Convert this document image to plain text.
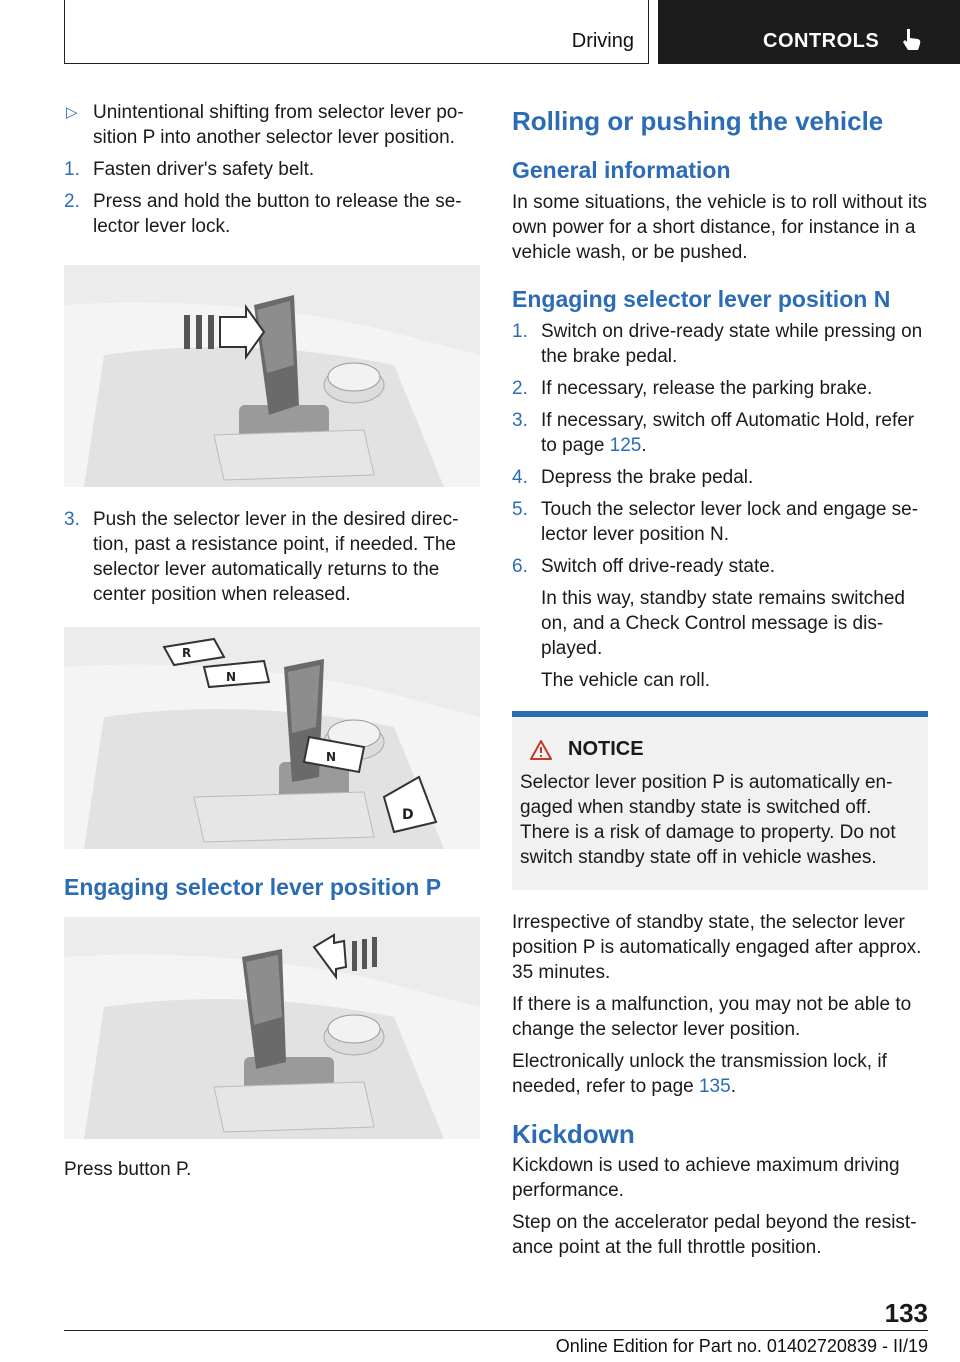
Driving	CONTROLS
▷ Unintentional shifting from selector lever po-sition P into another selector lever position.
1. Fasten driver's safety belt.
2. Press and hold the button to release the se-lector lever lock.
3. Push the selector lever in the desired direc-tion, past a resistance point, if needed. The selector lever automatically returns to the center position when released.
R
N
N
D
Engaging selector lever position P

Press button P.

Rolling or pushing the vehicle
General information

In some situations, the vehicle is to roll without its own power for a short distance, for instance in a vehicle wash, or be pushed.

Engaging selector lever position N
1. Switch on drive-ready state while pressing on the brake pedal.
2. If necessary, release the parking brake.
3. If necessary, switch off Automatic Hold, refer to page 125.
4. Depress the brake pedal.
5. Touch the selector lever lock and engage se-lector lever position N.
6. Switch off drive-ready state.

In this way, standby state remains switched on, and a Check Control message is dis-played.

The vehicle can roll.

NOTICE

Selector lever position P is automatically en-gaged when standby state is switched off. There is a risk of damage to property. Do not switch standby state off in vehicle washes.

Irrespective of standby state, the selector lever position P is automatically engaged after approx. 35 minutes.

If there is a malfunction, you may not be able to change the selector lever position.

Electronically unlock the transmission lock, if needed, refer to page 135.

Kickdown

Kickdown is used to achieve maximum driving performance.

Step on the accelerator pedal beyond the resist-ance point at the full throttle position.

133
Online Edition for Part no. 01402720839 - II/19
